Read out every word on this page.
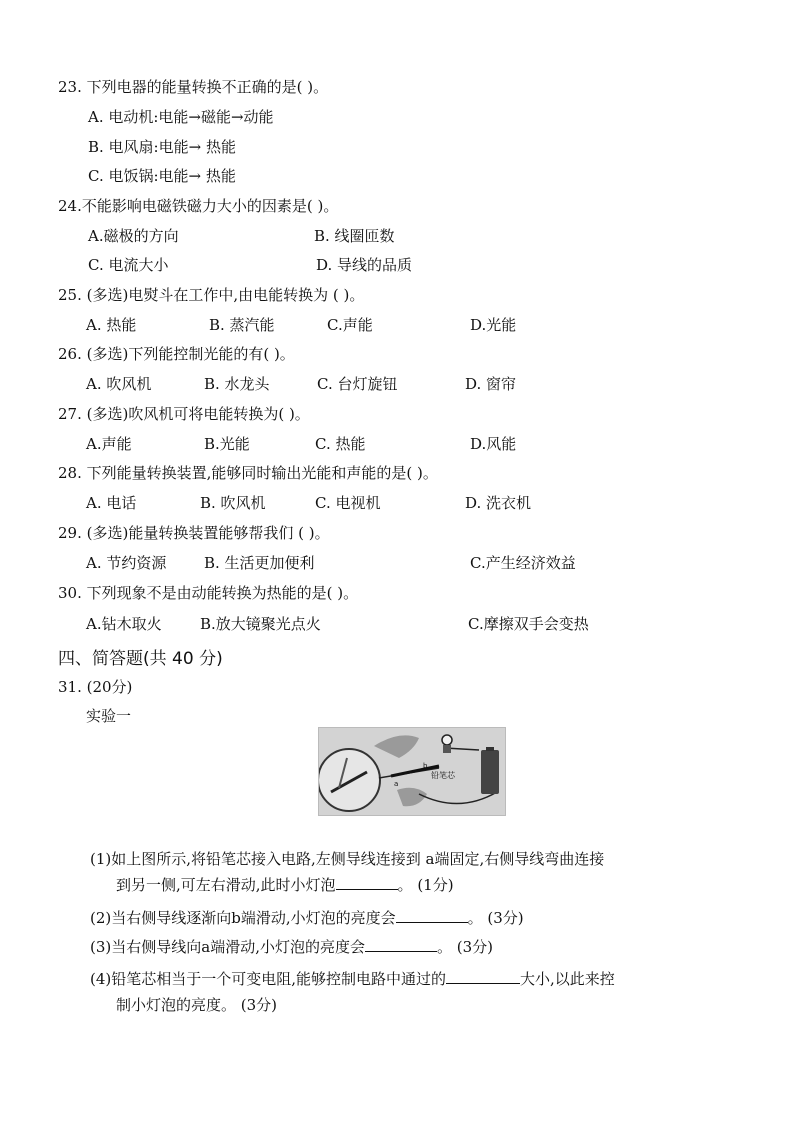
23. 下列电器的能量转换不正确的是( )。
A. 电动机:电能→磁能→动能
B. 电风扇:电能→ 热能
C. 电饭锅:电能→ 热能
24.不能影响电磁铁磁力大小的因素是( )。
A.磁极的方向	B. 线圈匝数
C. 电流大小	D. 导线的品质
25. (多选)电熨斗在工作中,由电能转换为 ( )。
A. 热能	B. 蒸汽能	C.声能	D.光能
26. (多选)下列能控制光能的有( )。
A. 吹风机	B. 水龙头	C. 台灯旋钮	D. 窗帘
27. (多选)吹风机可将电能转换为( )。
A.声能	B.光能	C. 热能	D.风能
28. 下列能量转换装置,能够同时输出光能和声能的是( )。
A. 电话	B. 吹风机	C. 电视机	D. 洗衣机
29. (多选)能量转换装置能够帮我们 ( )。
A. 节约资源	B. 生活更加便利	C.产生经济效益
30. 下列现象不是由动能转换为热能的是( )。
A.钻木取火	B.放大镜聚光点火	C.摩擦双手会变热
四、简答题(共 40 分)
31. (20分)
实验一
a
b
铅笔芯
(1)如上图所示,将铅笔芯接入电路,左侧导线连接到 a端固定,右侧导线弯曲连接
到另一侧,可左右滑动,此时小灯泡	。 (1分)
(2)当右侧导线逐渐向b端滑动,小灯泡的亮度会	。 (3分)
(3)当右侧导线向a端滑动,小灯泡的亮度会	。 (3分)
(4)铅笔芯相当于一个可变电阻,能够控制电路中通过的	大小,以此来控
制小灯泡的亮度。 (3分)
